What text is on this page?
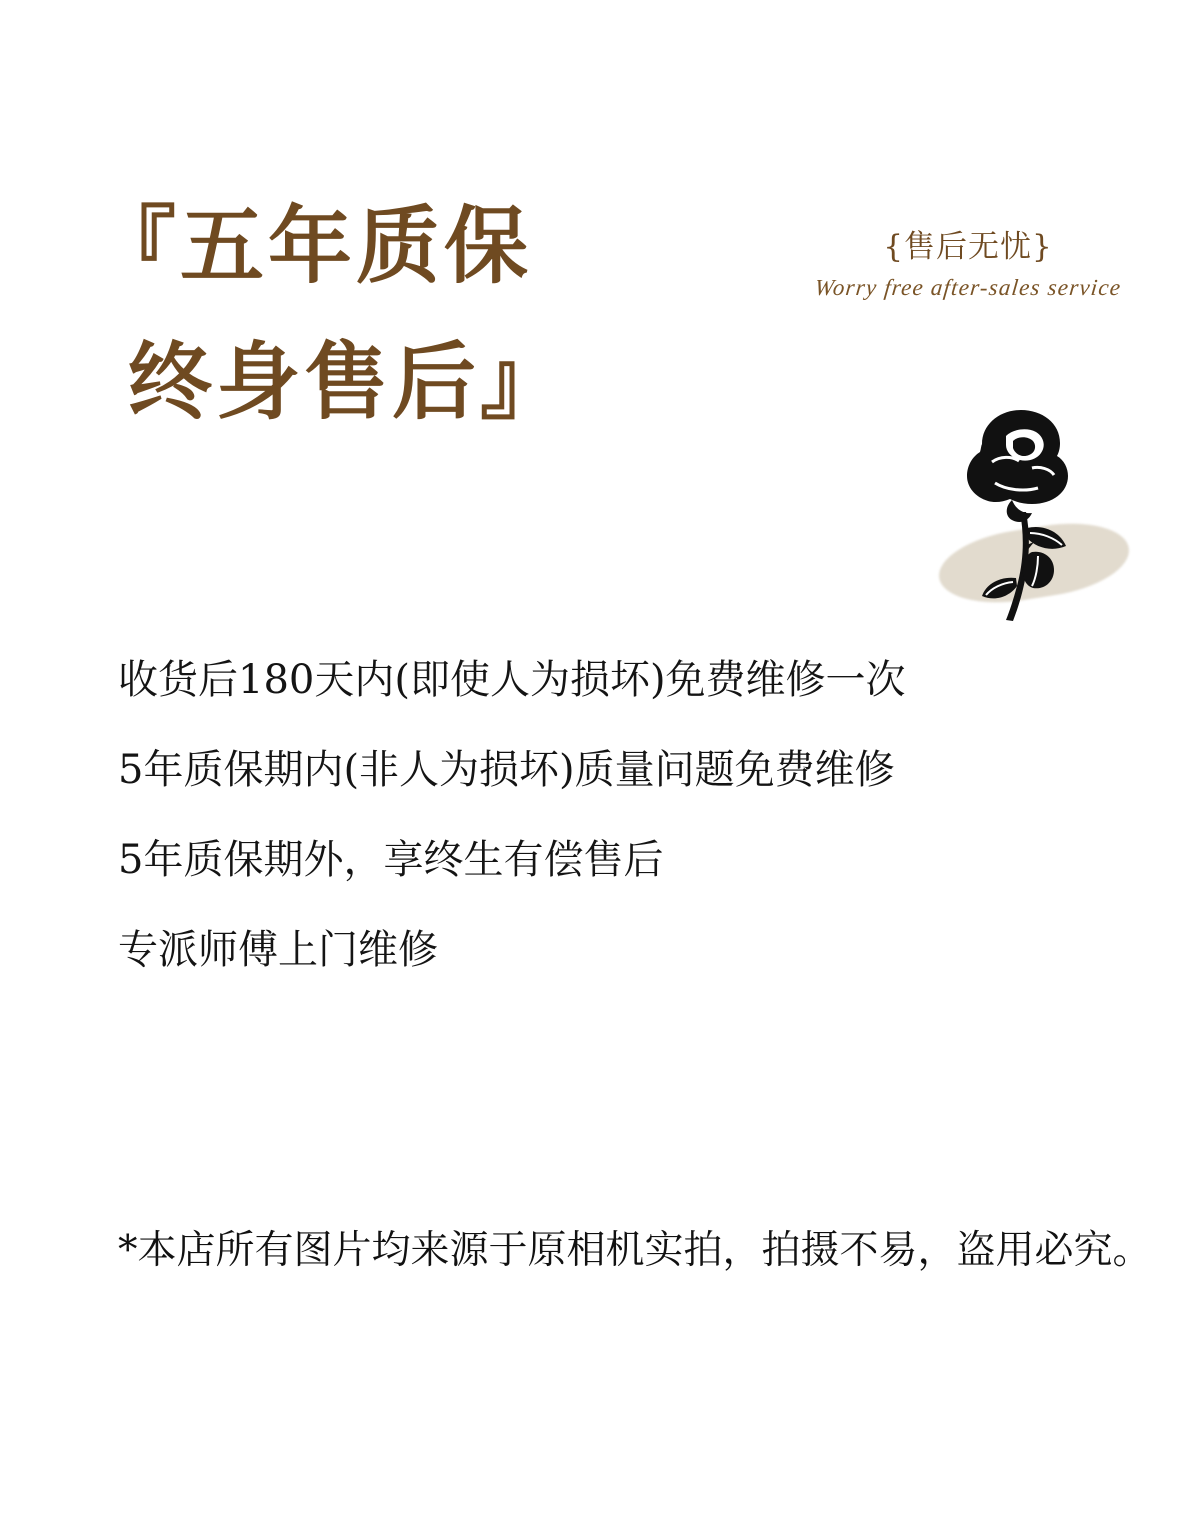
『五年质保
终身售后』
{售后无忧}
Worry free after-sales service
收货后180天内(即使人为损坏)免费维修一次
5年质保期内(非人为损坏)质量问题免费维修
5年质保期外，享终生有偿售后
专派师傅上门维修
*本店所有图片均来源于原相机实拍，拍摄不易，盗用必究。
